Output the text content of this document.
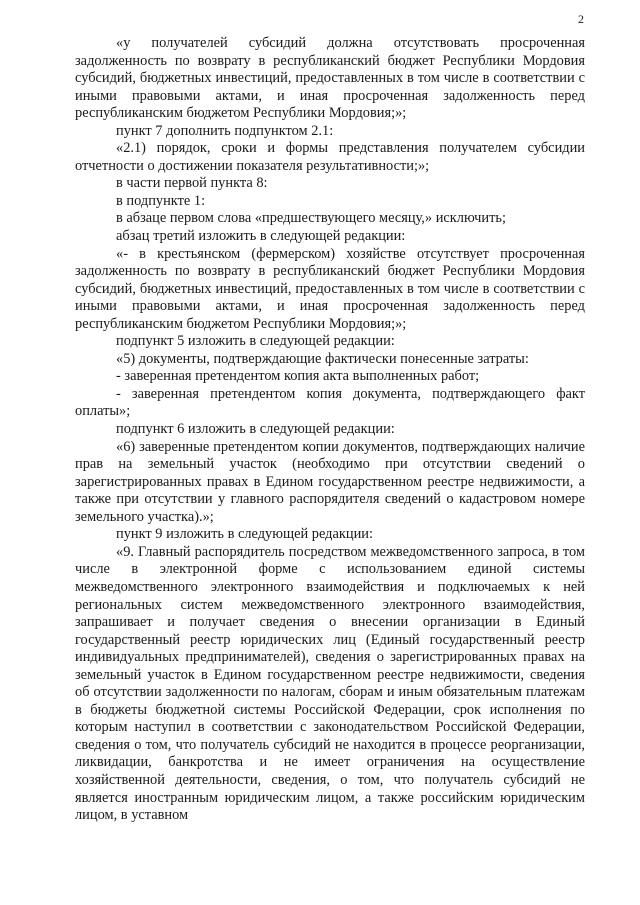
2

«у получателей субсидий должна отсутствовать просроченная задолженность по возврату в республиканский бюджет Республики Мордовия субсидий, бюджетных инвестиций, предоставленных в том числе в соответствии с иными правовыми актами, и иная просроченная задолженность перед республиканским бюджетом Республики Мордовия;»;

пункт 7 дополнить подпунктом 2.1:

«2.1) порядок, сроки и формы представления получателем субсидии отчетности о достижении показателя результативности;»;

в части первой пункта 8:

в подпункте 1:

в абзаце первом слова «предшествующего месяцу,» исключить;

абзац третий изложить в следующей редакции:

«- в крестьянском (фермерском) хозяйстве отсутствует просроченная задолженность по возврату в республиканский бюджет Республики Мордовия субсидий, бюджетных инвестиций, предоставленных в том числе в соответствии с иными правовыми актами, и иная просроченная задолженность перед республиканским бюджетом Республики Мордовия;»;

подпункт 5 изложить в следующей редакции:

«5) документы, подтверждающие фактически понесенные затраты:

- заверенная претендентом копия акта выполненных работ;

- заверенная претендентом копия документа, подтверждающего факт оплаты»;

подпункт 6 изложить в следующей редакции:

«6) заверенные претендентом копии документов, подтверждающих наличие прав на земельный участок (необходимо при отсутствии сведений о зарегистрированных правах в Едином государственном реестре недвижимости, а также при отсутствии у главного распорядителя сведений о кадастровом номере земельного участка).»;

пункт 9 изложить в следующей редакции:

«9. Главный распорядитель посредством межведомственного запроса, в том числе в электронной форме с использованием единой системы межведомственного электронного взаимодействия и подключаемых к ней региональных систем межведомственного электронного взаимодействия, запрашивает и получает сведения о внесении организации в Единый государственный реестр юридических лиц (Единый государственный реестр индивидуальных предпринимателей), сведения о зарегистрированных правах на земельный участок в Едином государственном реестре недвижимости, сведения об отсутствии задолженности по налогам, сборам и иным обязательным платежам в бюджеты бюджетной системы Российской Федерации, срок исполнения по которым наступил в соответствии с законодательством Российской Федерации, сведения о том, что получатель субсидий не находится в процессе реорганизации, ликвидации, банкротства и не имеет ограничения на осуществление хозяйственной деятельности, сведения, о том, что получатель субсидий не является иностранным юридическим лицом, а также российским юридическим лицом, в уставном
